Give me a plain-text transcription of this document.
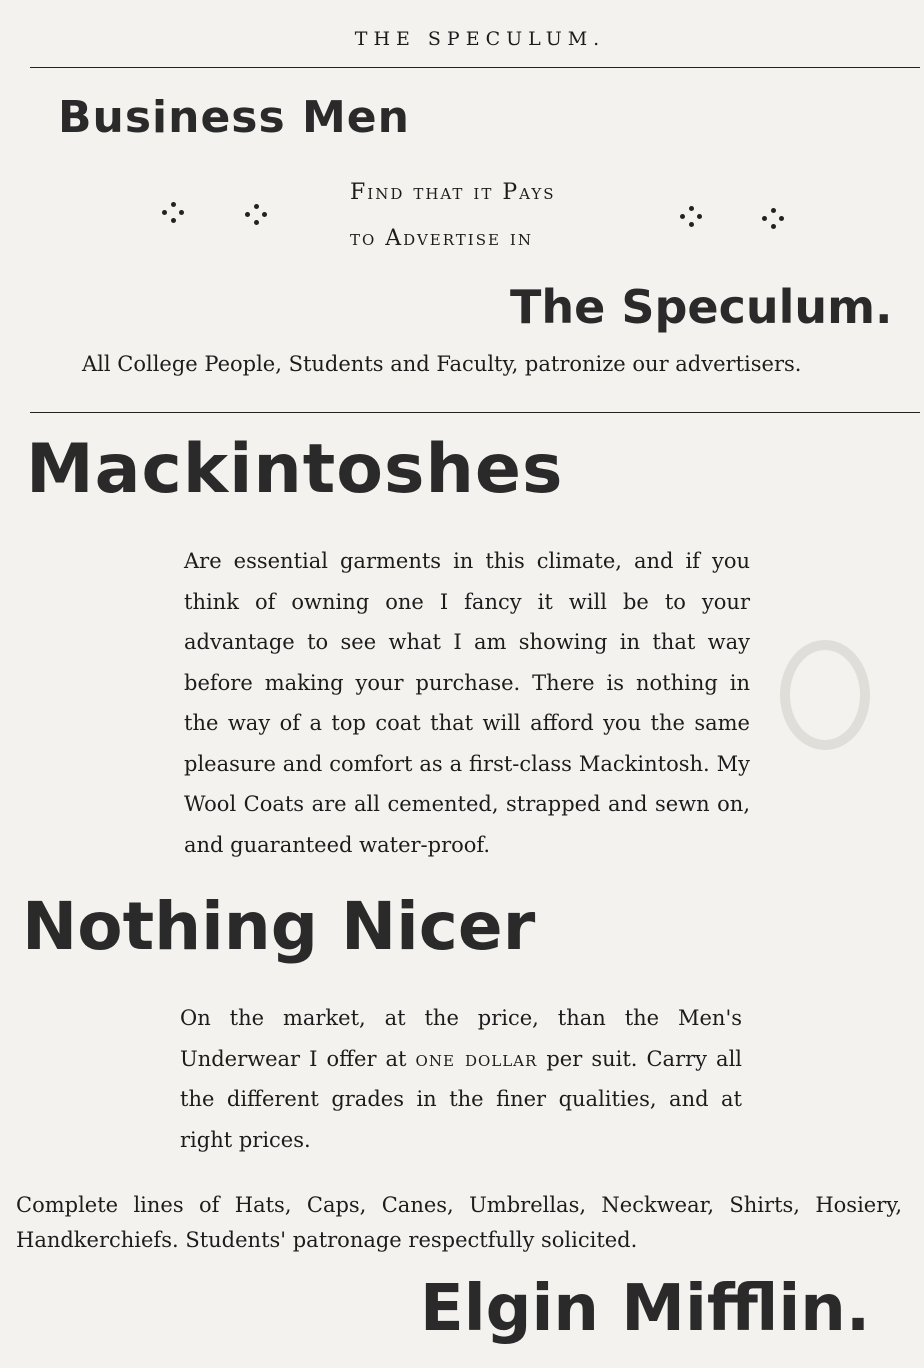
THE SPECULUM.
Business Men
Find that it Pays
to Advertise in
The Speculum.
All College People, Students and Faculty, patronize our advertisers.
Mackintoshes

Are essential garments in this climate, and if you think of owning one I fancy it will be to your advantage to see what I am showing in that way before making your purchase. There is nothing in the way of a top coat that will afford you the same pleasure and comfort as a first-class Mackintosh. My Wool Coats are all cemented, strapped and sewn on, and guaranteed water-proof.

Nothing Nicer

On the market, at the price, than the Men's Underwear I offer at one dollar per suit. Carry all the different grades in the finer qualities, and at right prices.

Complete lines of Hats, Caps, Canes, Umbrellas, Neckwear, Shirts, Hosiery, Handkerchiefs. Students' patronage respectfully solicited.

Elgin Mifflin.
